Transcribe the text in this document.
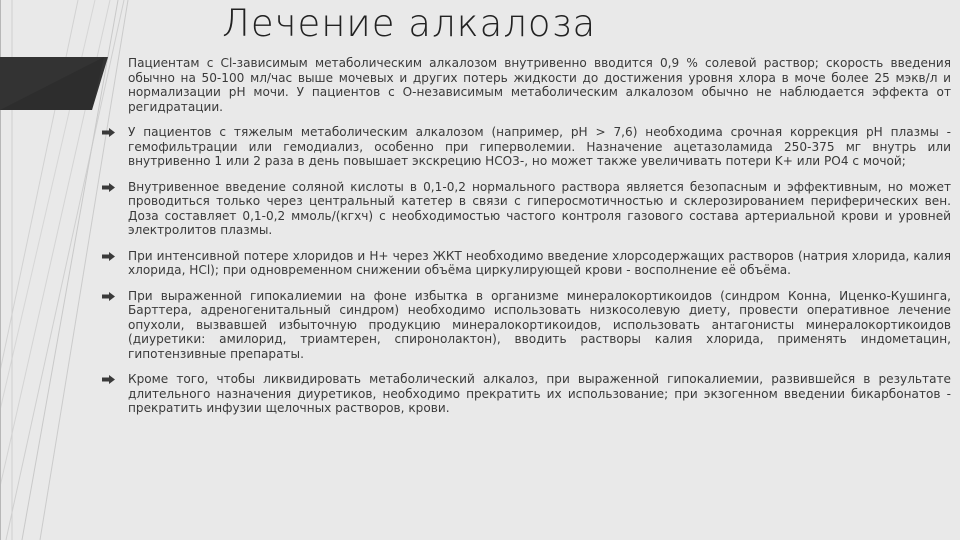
Лечение алкалоза

Пациентам с Cl-зависимым метаболическим алкалозом внутривенно вводится 0,9 % солевой раствор; скорость введения обычно на 50-100 мл/час выше мочевых и других потерь жидкости до достижения уровня хлора в моче более 25 мэкв/л и нормализации pH мочи. У пациентов с О-независимым метаболическим алкалозом обычно не наблюдается эффекта от регидратации.

У пациентов с тяжелым метаболическим алкалозом (например, pH > 7,6) необходима срочная коррекция pH плазмы - гемофильтрации или гемодиализ, особенно при гиперволемии. Назначение ацетазоламида 250-375 мг внутрь или внутривенно 1 или 2 раза в день повышает экскрецию HCO3-, но может также увеличивать потери K+ или PO4 с мочой;

Внутривенное введение соляной кислоты в 0,1-0,2 нормального раствора является безопасным и эффективным, но может проводиться только через центральный катетер в связи с гиперосмотичностью и склерозированием периферических вен. Доза составляет 0,1-0,2 ммоль/(кгxч) с необходимостью частого контроля газового состава артериальной крови и уровней электролитов плазмы.

При интенсивной потере хлоридов и H+ через ЖКТ необходимо введение хлорсодержащих растворов (натрия хлорида, калия хлорида, HCl); при одновременном снижении объёма циркулирующей крови - восполнение её объёма.

При выраженной гипокалиемии на фоне избытка в организме минералокортикоидов (синдром Конна, Иценко-Кушинга, Барттера, адреногенитальный синдром) необходимо использовать низкосолевую диету, провести оперативное лечение опухоли, вызвавшей избыточную продукцию минералокортикоидов, использовать антагонисты минералокортикоидов (диуретики: амилорид, триамтерен, спиронолактон), вводить растворы калия хлорида, применять индометацин, гипотензивные препараты.

Кроме того, чтобы ликвидировать метаболический алкалоз, при выраженной гипокалиемии, развившейся в результате длительного назначения диуретиков, необходимо прекратить их использование; при экзогенном введении бикарбонатов - прекратить инфузии щелочных растворов, крови.
